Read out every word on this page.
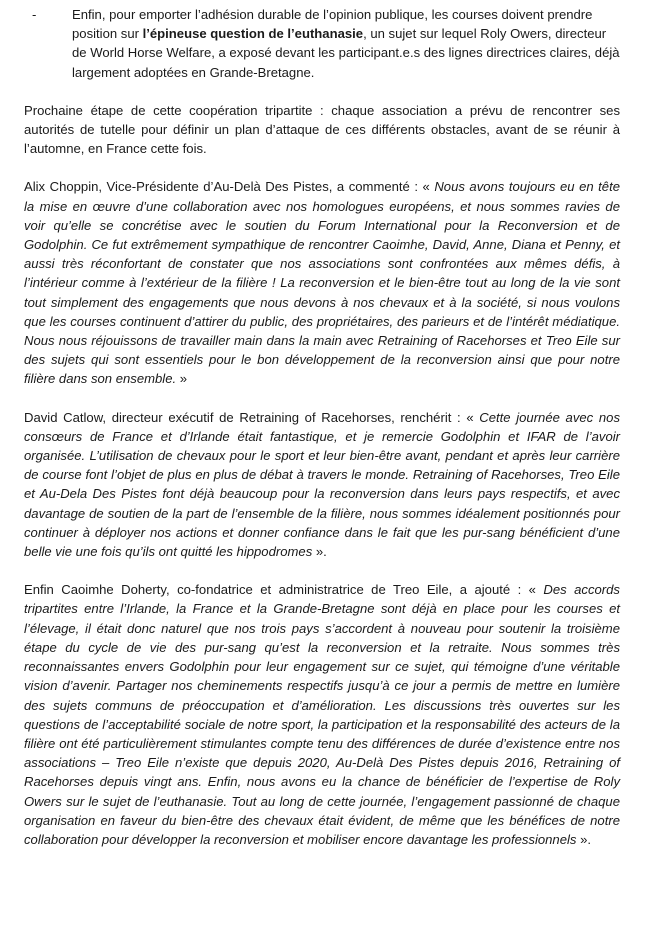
-	Enfin, pour emporter l’adhésion durable de l’opinion publique, les courses doivent prendre position sur l’épineuse question de l’euthanasie, un sujet sur lequel Roly Owers, directeur de World Horse Welfare, a exposé devant les participant.e.s des lignes directrices claires, déjà largement adoptées en Grande-Bretagne.

Prochaine étape de cette coopération tripartite : chaque association a prévu de rencontrer ses autorités de tutelle pour définir un plan d’attaque de ces différents obstacles, avant de se réunir à l’automne, en France cette fois.

Alix Choppin, Vice-Présidente d’Au-Delà Des Pistes, a commenté : « Nous avons toujours eu en tête la mise en œuvre d’une collaboration avec nos homologues européens, et nous sommes ravies de voir qu’elle se concrétise avec le soutien du Forum International pour la Reconversion et de Godolphin. Ce fut extrêmement sympathique de rencontrer Caoimhe, David, Anne, Diana et Penny, et aussi très réconfortant de constater que nos associations sont confrontées aux mêmes défis, à l’intérieur comme à l’extérieur de la filière ! La reconversion et le bien-être tout au long de la vie sont tout simplement des engagements que nous devons à nos chevaux et à la société, si nous voulons que les courses continuent d’attirer du public, des propriétaires, des parieurs et de l’intérêt médiatique. Nous nous réjouissons de travailler main dans la main avec Retraining of Racehorses et Treo Eile sur des sujets qui sont essentiels pour le bon développement de la reconversion ainsi que pour notre filière dans son ensemble. »

David Catlow, directeur exécutif de Retraining of Racehorses, renchérit : « Cette journée avec nos consœurs de France et d’Irlande était fantastique, et je remercie Godolphin et IFAR de l’avoir organisée. L’utilisation de chevaux pour le sport et leur bien-être avant, pendant et après leur carrière de course font l’objet de plus en plus de débat à travers le monde. Retraining of Racehorses, Treo Eile et Au-Dela Des Pistes font déjà beaucoup pour la reconversion dans leurs pays respectifs, et avec davantage de soutien de la part de l’ensemble de la filière, nous sommes idéalement positionnés pour continuer à déployer nos actions et donner confiance dans le fait que les pur-sang bénéficient d’une belle vie une fois qu’ils ont quitté les hippodromes ».

Enfin Caoimhe Doherty, co-fondatrice et administratrice de Treo Eile, a ajouté : « Des accords tripartites entre l’Irlande, la France et la Grande-Bretagne sont déjà en place pour les courses et l’élevage, il était donc naturel que nos trois pays s’accordent à nouveau pour soutenir la troisième étape du cycle de vie des pur-sang qu’est la reconversion et la retraite. Nous sommes très reconnaissantes envers Godolphin pour leur engagement sur ce sujet, qui témoigne d’une véritable vision d’avenir. Partager nos cheminements respectifs jusqu’à ce jour a permis de mettre en lumière des sujets communs de préoccupation et d’amélioration. Les discussions très ouvertes sur les questions de l’acceptabilité sociale de notre sport, la participation et la responsabilité des acteurs de la filière ont été particulièrement stimulantes compte tenu des différences de durée d’existence entre nos associations – Treo Eile n’existe que depuis 2020, Au-Delà Des Pistes depuis 2016, Retraining of Racehorses depuis vingt ans. Enfin, nous avons eu la chance de bénéficier de l’expertise de Roly Owers sur le sujet de l’euthanasie. Tout au long de cette journée, l’engagement passionné de chaque organisation en faveur du bien-être des chevaux était évident, de même que les bénéfices de notre collaboration pour développer la reconversion et mobiliser encore davantage les professionnels ».
